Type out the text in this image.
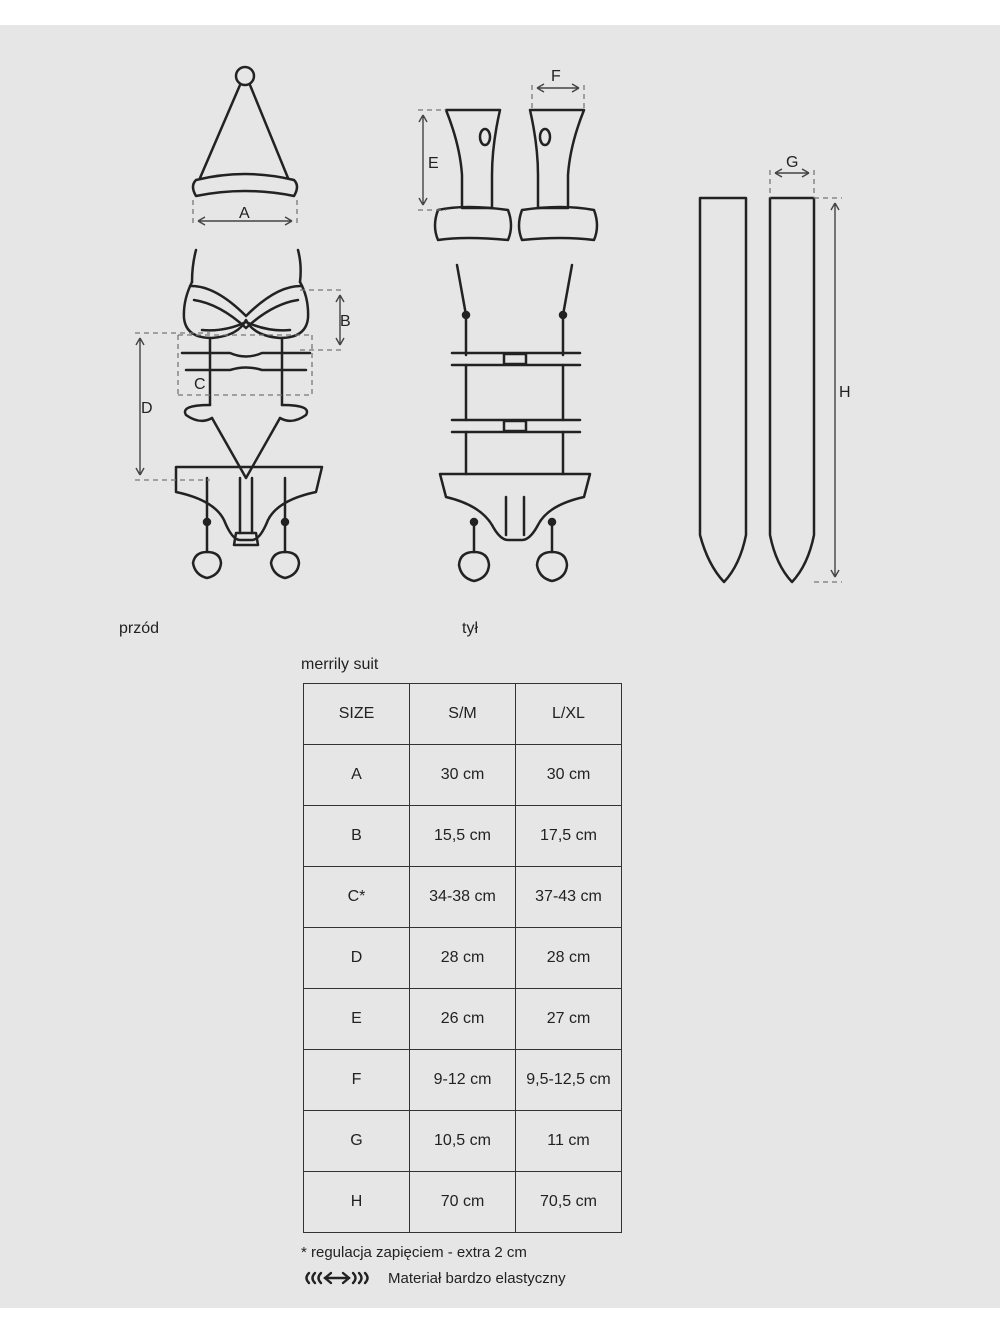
A
B
C
D
E
F
G
H
przód	tył
merrily suit
SIZE	S/M	L/XL
A	30 cm	30 cm
B	15,5 cm	17,5 cm
C*	34-38 cm	37-43 cm
D	28 cm	28 cm
E	26 cm	27 cm
F	9-12 cm	9,5-12,5 cm
G	10,5 cm	11 cm
H	70 cm	70,5 cm
* regulacja zapięciem - extra 2 cm
Materiał bardzo elastyczny
